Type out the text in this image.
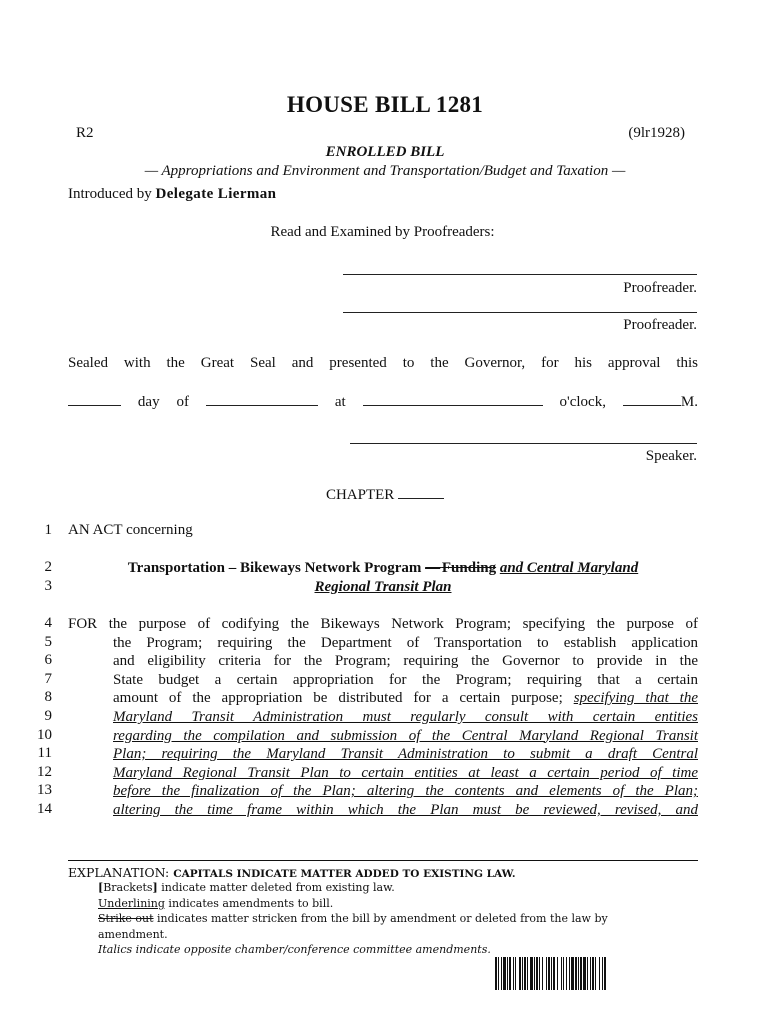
HOUSE BILL 1281
R2	(9lr1928)
ENROLLED BILL
— Appropriations and Environment and Transportation/Budget and Taxation —
Introduced by Delegate Lierman
Read and Examined by Proofreaders:
Proofreader.
Proofreader.
Sealed with the Great Seal and presented to the Governor, for his approval this
day of	at	o'clock,	M.
Speaker.
CHAPTER
1 AN ACT concerning
2
3
Transportation – Bikeways Network Program — Funding and Central Maryland
Regional Transit Plan
4
5
6
7
8
9
10
11
12
13
14
FOR the purpose of codifying the Bikeways Network Program; specifying the purpose of
the Program; requiring the Department of Transportation to establish application
and eligibility criteria for the Program; requiring the Governor to provide in the
State budget a certain appropriation for the Program; requiring that a certain
amount of the appropriation be distributed for a certain purpose; specifying that the
Maryland Transit Administration must regularly consult with certain entities
regarding the compilation and submission of the Central Maryland Regional Transit
Plan; requiring the Maryland Transit Administration to submit a draft Central
Maryland Regional Transit Plan to certain entities at least a certain period of time
before the finalization of the Plan; altering the contents and elements of the Plan;
altering the time frame within which the Plan must be reviewed, revised, and
EXPLANATION: CAPITALS INDICATE MATTER ADDED TO EXISTING LAW.
[Brackets] indicate matter deleted from existing law.
Underlining indicates amendments to bill.
Strike out indicates matter stricken from the bill by amendment or deleted from the law by
amendment.
Italics indicate opposite chamber/conference committee amendments.
